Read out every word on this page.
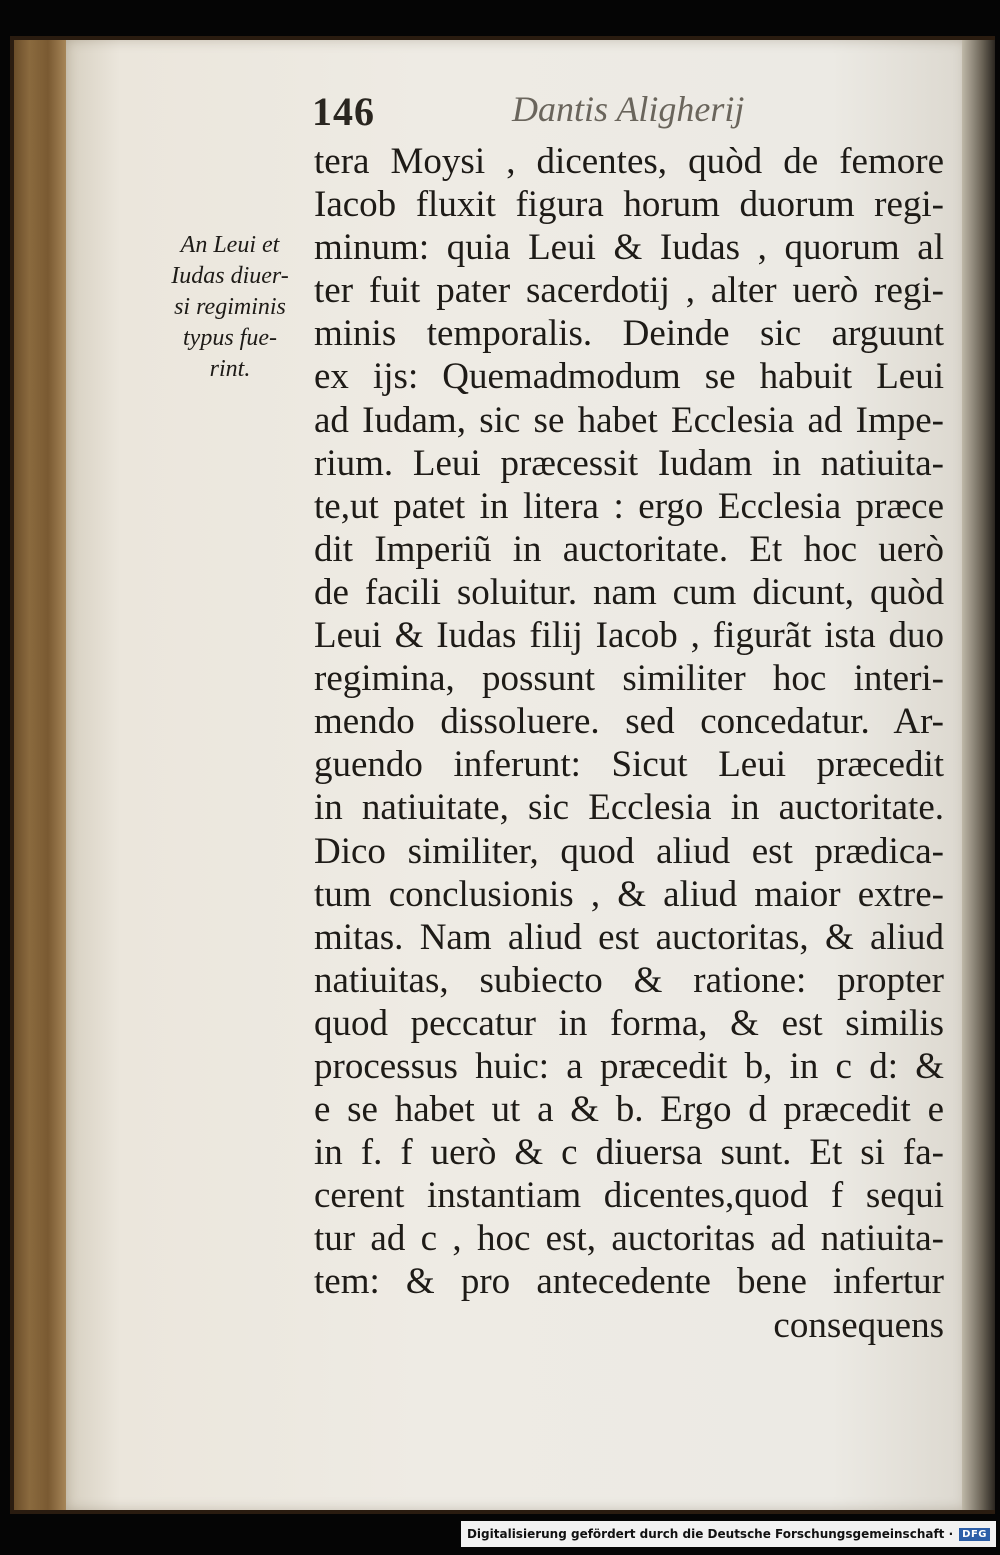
146	Dantis Aligherij
An Leui et
Iudas diuer-
si regiminis
typus fue-
rint.
tera Moysi , dicentes, quòd de femore
Iacob fluxit figura horum duorum regi-
minum: quia Leui & Iudas , quorum al
ter fuit pater sacerdotij , alter uerò regi-
minis temporalis. Deinde sic arguunt
ex ijs: Quemadmodum se habuit Leui
ad Iudam, sic se habet Ecclesia ad Impe-
rium. Leui præcessit Iudam in natiuita-
te,ut patet in litera : ergo Ecclesia præce
dit Imperiũ in auctoritate. Et hoc uerò
de facili soluitur. nam cum dicunt, quòd
Leui & Iudas filij Iacob , figurãt ista duo
regimina, possunt similiter hoc interi-
mendo dissoluere. sed concedatur. Ar-
guendo inferunt: Sicut Leui præcedit
in natiuitate, sic Ecclesia in auctoritate.
Dico similiter, quod aliud est prædica-
tum conclusionis , & aliud maior extre-
mitas. Nam aliud est auctoritas, & aliud
natiuitas, subiecto & ratione: propter
quod peccatur in forma, & est similis
processus huic: a præcedit b, in c d: &
e se habet ut a & b. Ergo d præcedit e
in f. f uerò & c diuersa sunt. Et si fa-
cerent instantiam dicentes,quod f sequi
tur ad c , hoc est, auctoritas ad natiuita-
tem: & pro antecedente bene infertur
consequens
Digitalisierung gefördert durch die Deutsche Forschungsgemeinschaft · DFG
